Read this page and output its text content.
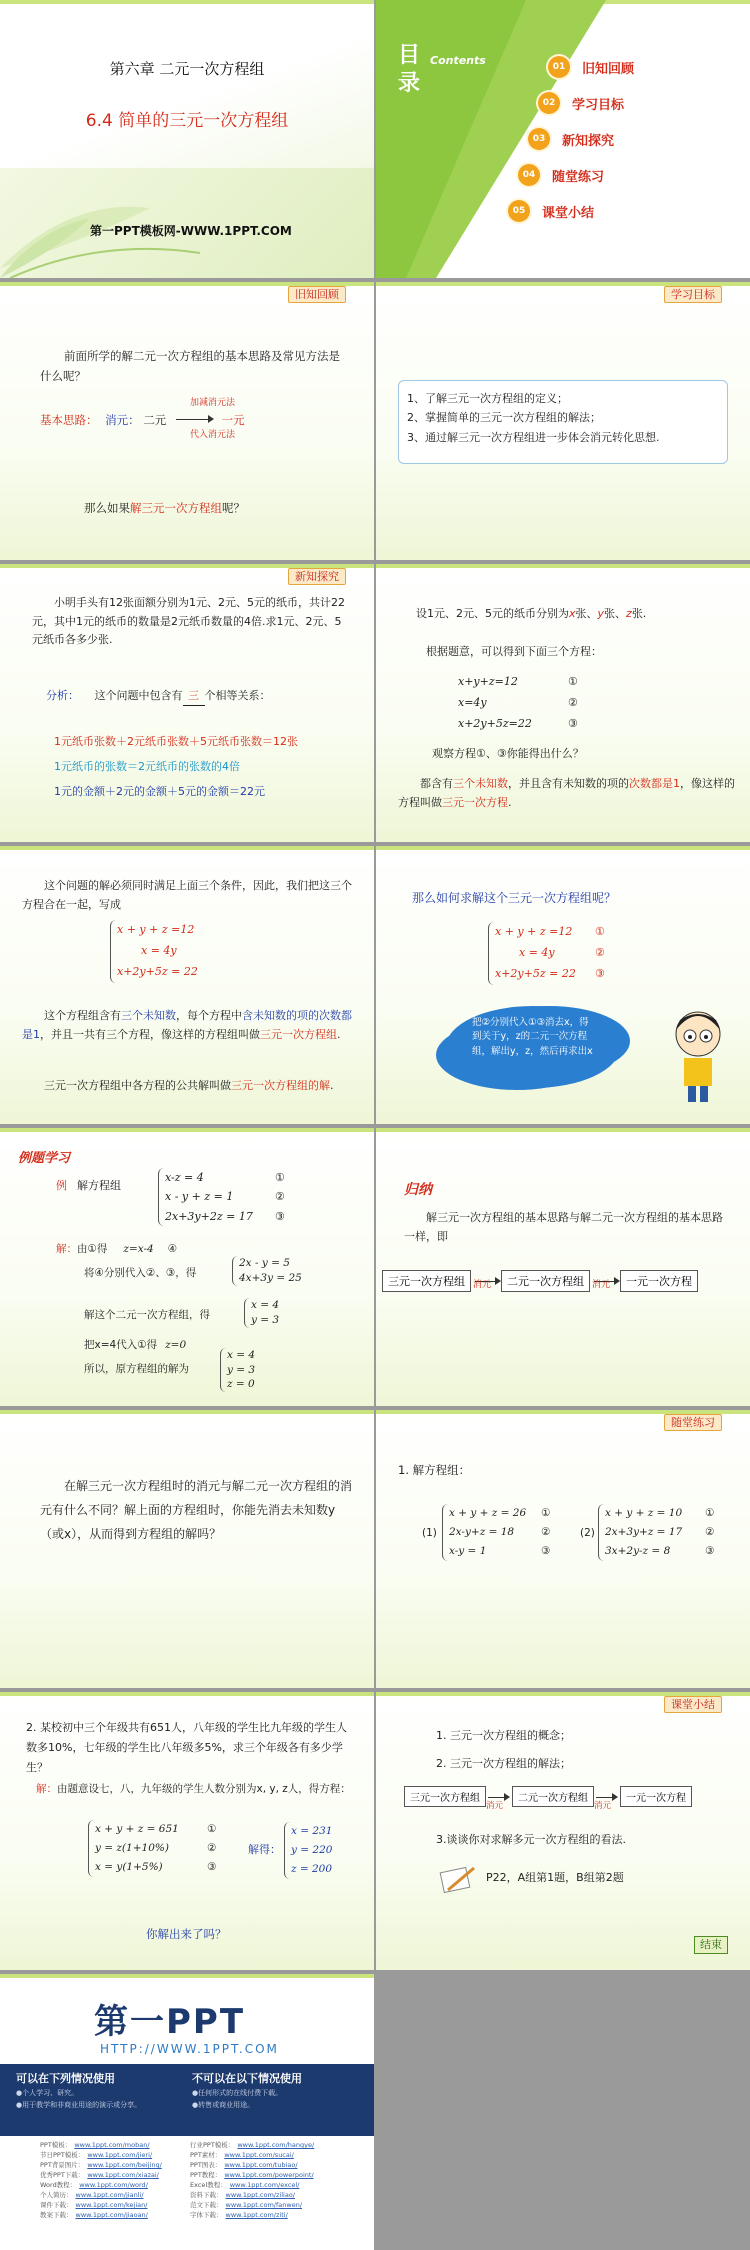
第六章 二元一次方程组
6.4 简单的三元一次方程组
第一PPT模板网-WWW.1PPT.COM
目
录
Contents	01	旧知回顾
02	学习目标
03	新知探究
04	随堂练习
05	课堂小结
旧知回顾
前面所学的解二元一次方程组的基本思路及常见方法是什么呢？
基本思路： 消元： 二元	一元
加减消元法
代入消元法
那么如果解三元一次方程组呢？
学习目标
1、了解三元一次方程组的定义；
2、掌握简单的三元一次方程组的解法；
3、通过解三元一次方程组进一步体会消元转化思想.
新知探究
小明手头有12张面额分别为1元、2元、5元的纸币，共计22元，其中1元的纸币的数量是2元纸币数量的4倍.求1元、2元、5元纸币各多少张.
分析： 这个问题中包含有 三 个相等关系：
1元纸币张数＋2元纸币张数＋5元纸币张数＝12张
1元纸币的张数＝2元纸币的张数的4倍
1元的金额＋2元的金额＋5元的金额＝22元
设1元、2元、5元的纸币分别为x张、y张、z张.
根据题意，可以得到下面三个方程：
x+y+z=12	①
x=4y	②
x+2y+5z=22	③
观察方程①、③你能得出什么？
都含有三个未知数，并且含有未知数的项的次数都是1，像这样的方程叫做三元一次方程.
这个问题的解必须同时满足上面三个条件，因此，我们把这三个方程合在一起，写成
x + y + z =12
x = 4y
x+2y+5z = 22
这个方程组含有三个未知数，每个方程中含未知数的项的次数都是1，并且一共有三个方程，像这样的方程组叫做三元一次方程组.
三元一次方程组中各方程的公共解叫做三元一次方程组的解.
那么如何求解这个三元一次方程组呢？
x + y + z =12 ①
x = 4y	②
x+2y+5z = 22 ③
把②分别代入①③消去x，得到关于y，z的二元一次方程组，解出y，z，然后再求出x
例题学习
例 解方程组
x-z = 4	①
x - y + z = 1	②
2x+3y+2z = 17 ③
解：由①得 z=x-4 ④
将④分别代入②、③，得
2x - y = 5
4x+3y = 25
解这个二元一次方程组，得
x = 4
y = 3
把x=4代入①得 z=0
所以，原方程组的解为
x = 4
y = 3
z = 0
归纳
解三元一次方程组的基本思路与解二元一次方程组的基本思路一样，即
三元一次方程组 消元 二元一次方程组 消元 一元一次方程
在解三元一次方程组时的消元与解二元一次方程组的消元有什么不同？解上面的方程组时，你能先消去未知数y（或x），从而得到方程组的解吗？
随堂练习
1. 解方程组：
(1)
x + y + z = 26 ①
2x-y+z = 18	②
x-y = 1	③
(2)
x + y + z = 10 ①
2x+3y+z = 17 ②
3x+2y-z = 8	③
2. 某校初中三个年级共有651人，八年级的学生比九年级的学生人数多10%，七年级的学生比八年级多5%，求三个年级各有多少学生？
解：由题意设七，八，九年级的学生人数分别为x, y, z人，得方程：
x + y + z = 651	①
y = z(1+10%)	②
x = y(1+5%)	③
解得：
x = 231
y = 220
z = 200
你解出来了吗？
课堂小结
1. 三元一次方程组的概念；
2. 三元一次方程组的解法；
三元一次方程组
消元
二元一次方程组
消元
一元一次方程
3.谈谈你对求解多元一次方程组的看法.
P22，A组第1题，B组第2题
结束
第一PPT
HTTP://WWW.1PPT.COM
可以在下列情况使用
●个人学习、研究。
●用于教学和非商业用途的演示或分享。
不可以在以下情况使用
●任何形式的在线付费下载。
●转售或商业用途。
PPT模板： www.1ppt.com/moban/	行业PPT模板： www.1ppt.com/hangye/
节日PPT模板： www.1ppt.com/jieri/	PPT素材： www.1ppt.com/sucai/
PPT背景图片： www.1ppt.com/beijing/	PPT图表： www.1ppt.com/tubiao/
优秀PPT下载： www.1ppt.com/xiazai/	PPT教程： www.1ppt.com/powerpoint/
Word教程： www.1ppt.com/word/	Excel教程： www.1ppt.com/excel/
个人简历： www.1ppt.com/jianli/	资料下载： www.1ppt.com/ziliao/
课件下载： www.1ppt.com/kejian/	范文下载： www.1ppt.com/fanwen/
教案下载： www.1ppt.com/jiaoan/	字体下载： www.1ppt.com/ziti/
